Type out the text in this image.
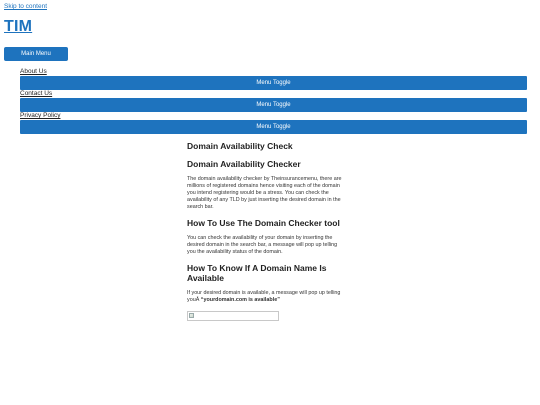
Skip to content
TIM
Main Menu
About Us
Menu Toggle
Contact Us
Menu Toggle
Privacy Policy
Menu Toggle
Domain Availability Check
Domain Availability Checker

The domain availability checker by Theinsurancemenu, there are millions of registered domains hence visiting each of the domain you intend registering would be a stress. You can check the availability of any TLD by just inserting the desired domain in the search bar.

How To Use The Domain Checker tool

You can check the availability of your domain by inserting the desired domain in the search bar, a message will pop up telling you the availability status of the domain.

How To Know If A Domain Name Is Available

If your desired domain is available, a message will pop up telling youÂ “yourdomain.com is available”
